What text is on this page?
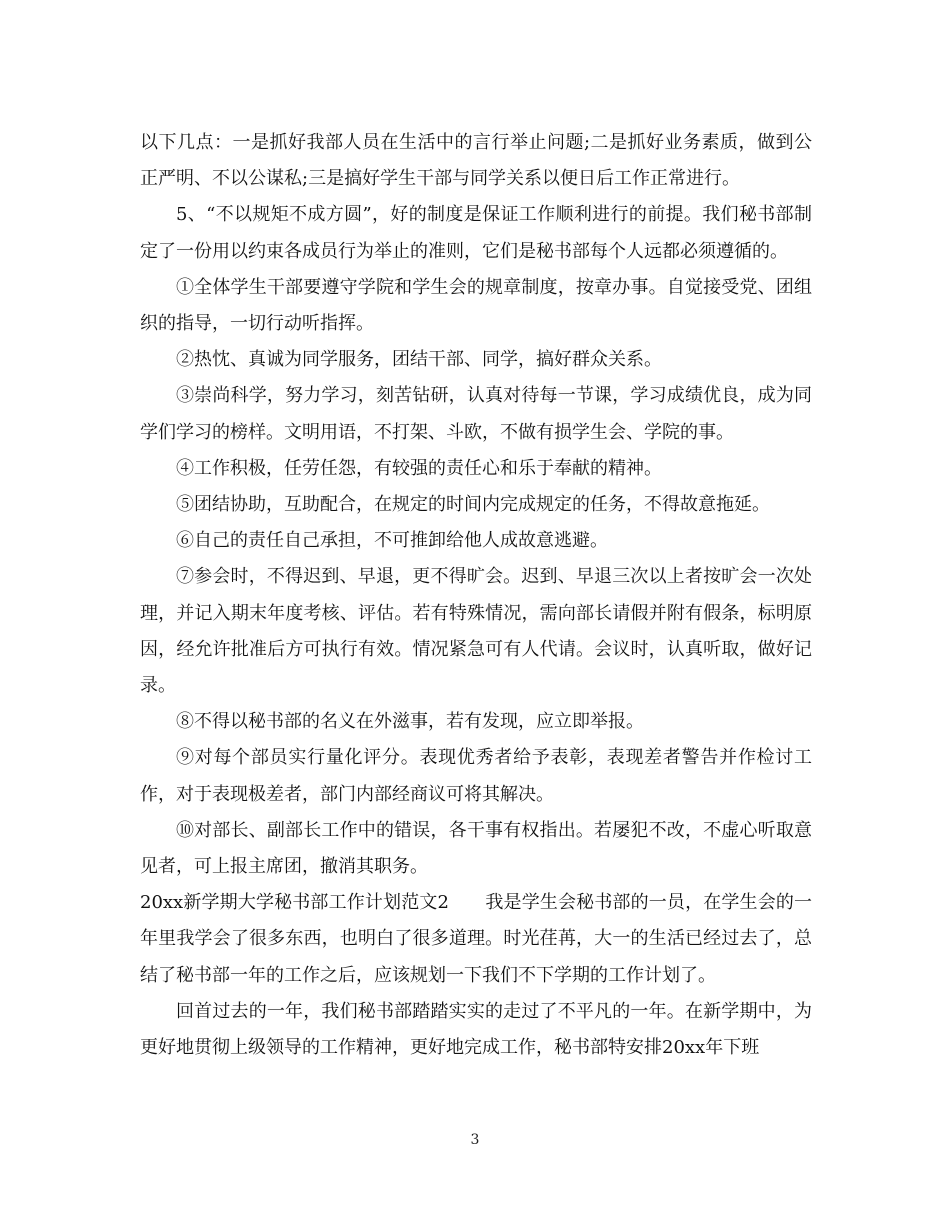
以下几点：一是抓好我部人员在生活中的言行举止问题;二是抓好业务素质，做到公正严明、不以公谋私;三是搞好学生干部与同学关系以便日后工作正常进行。

5、“不以规矩不成方圆”，好的制度是保证工作顺利进行的前提。我们秘书部制定了一份用以约束各成员行为举止的准则，它们是秘书部每个人远都必须遵循的。

①全体学生干部要遵守学院和学生会的规章制度，按章办事。自觉接受党、团组织的指导，一切行动听指挥。

②热忱、真诚为同学服务，团结干部、同学，搞好群众关系。

③崇尚科学，努力学习，刻苦钻研，认真对待每一节课，学习成绩优良，成为同学们学习的榜样。文明用语，不打架、斗欧，不做有损学生会、学院的事。

④工作积极，任劳任怨，有较强的责任心和乐于奉献的精神。

⑤团结协助，互助配合，在规定的时间内完成规定的任务，不得故意拖延。

⑥自己的责任自己承担，不可推卸给他人成故意逃避。

⑦参会时，不得迟到、早退，更不得旷会。迟到、早退三次以上者按旷会一次处理，并记入期末年度考核、评估。若有特殊情况，需向部长请假并附有假条，标明原因，经允许批准后方可执行有效。情况紧急可有人代请。会议时，认真听取，做好记录。

⑧不得以秘书部的名义在外滋事，若有发现，应立即举报。

⑨对每个部员实行量化评分。表现优秀者给予表彰，表现差者警告并作检讨工作，对于表现极差者，部门内部经商议可将其解决。

⑩对部长、副部长工作中的错误，各干事有权指出。若屡犯不改，不虚心听取意见者，可上报主席团，撤消其职务。

20xx新学期大学秘书部工作计划范文2　　我是学生会秘书部的一员，在学生会的一年里我学会了很多东西，也明白了很多道理。时光荏苒，大一的生活已经过去了，总结了秘书部一年的工作之后，应该规划一下我们不下学期的工作计划了。

回首过去的一年，我们秘书部踏踏实实的走过了不平凡的一年。在新学期中，为更好地贯彻上级领导的工作精神，更好地完成工作，秘书部特安排20xx年下班

3
